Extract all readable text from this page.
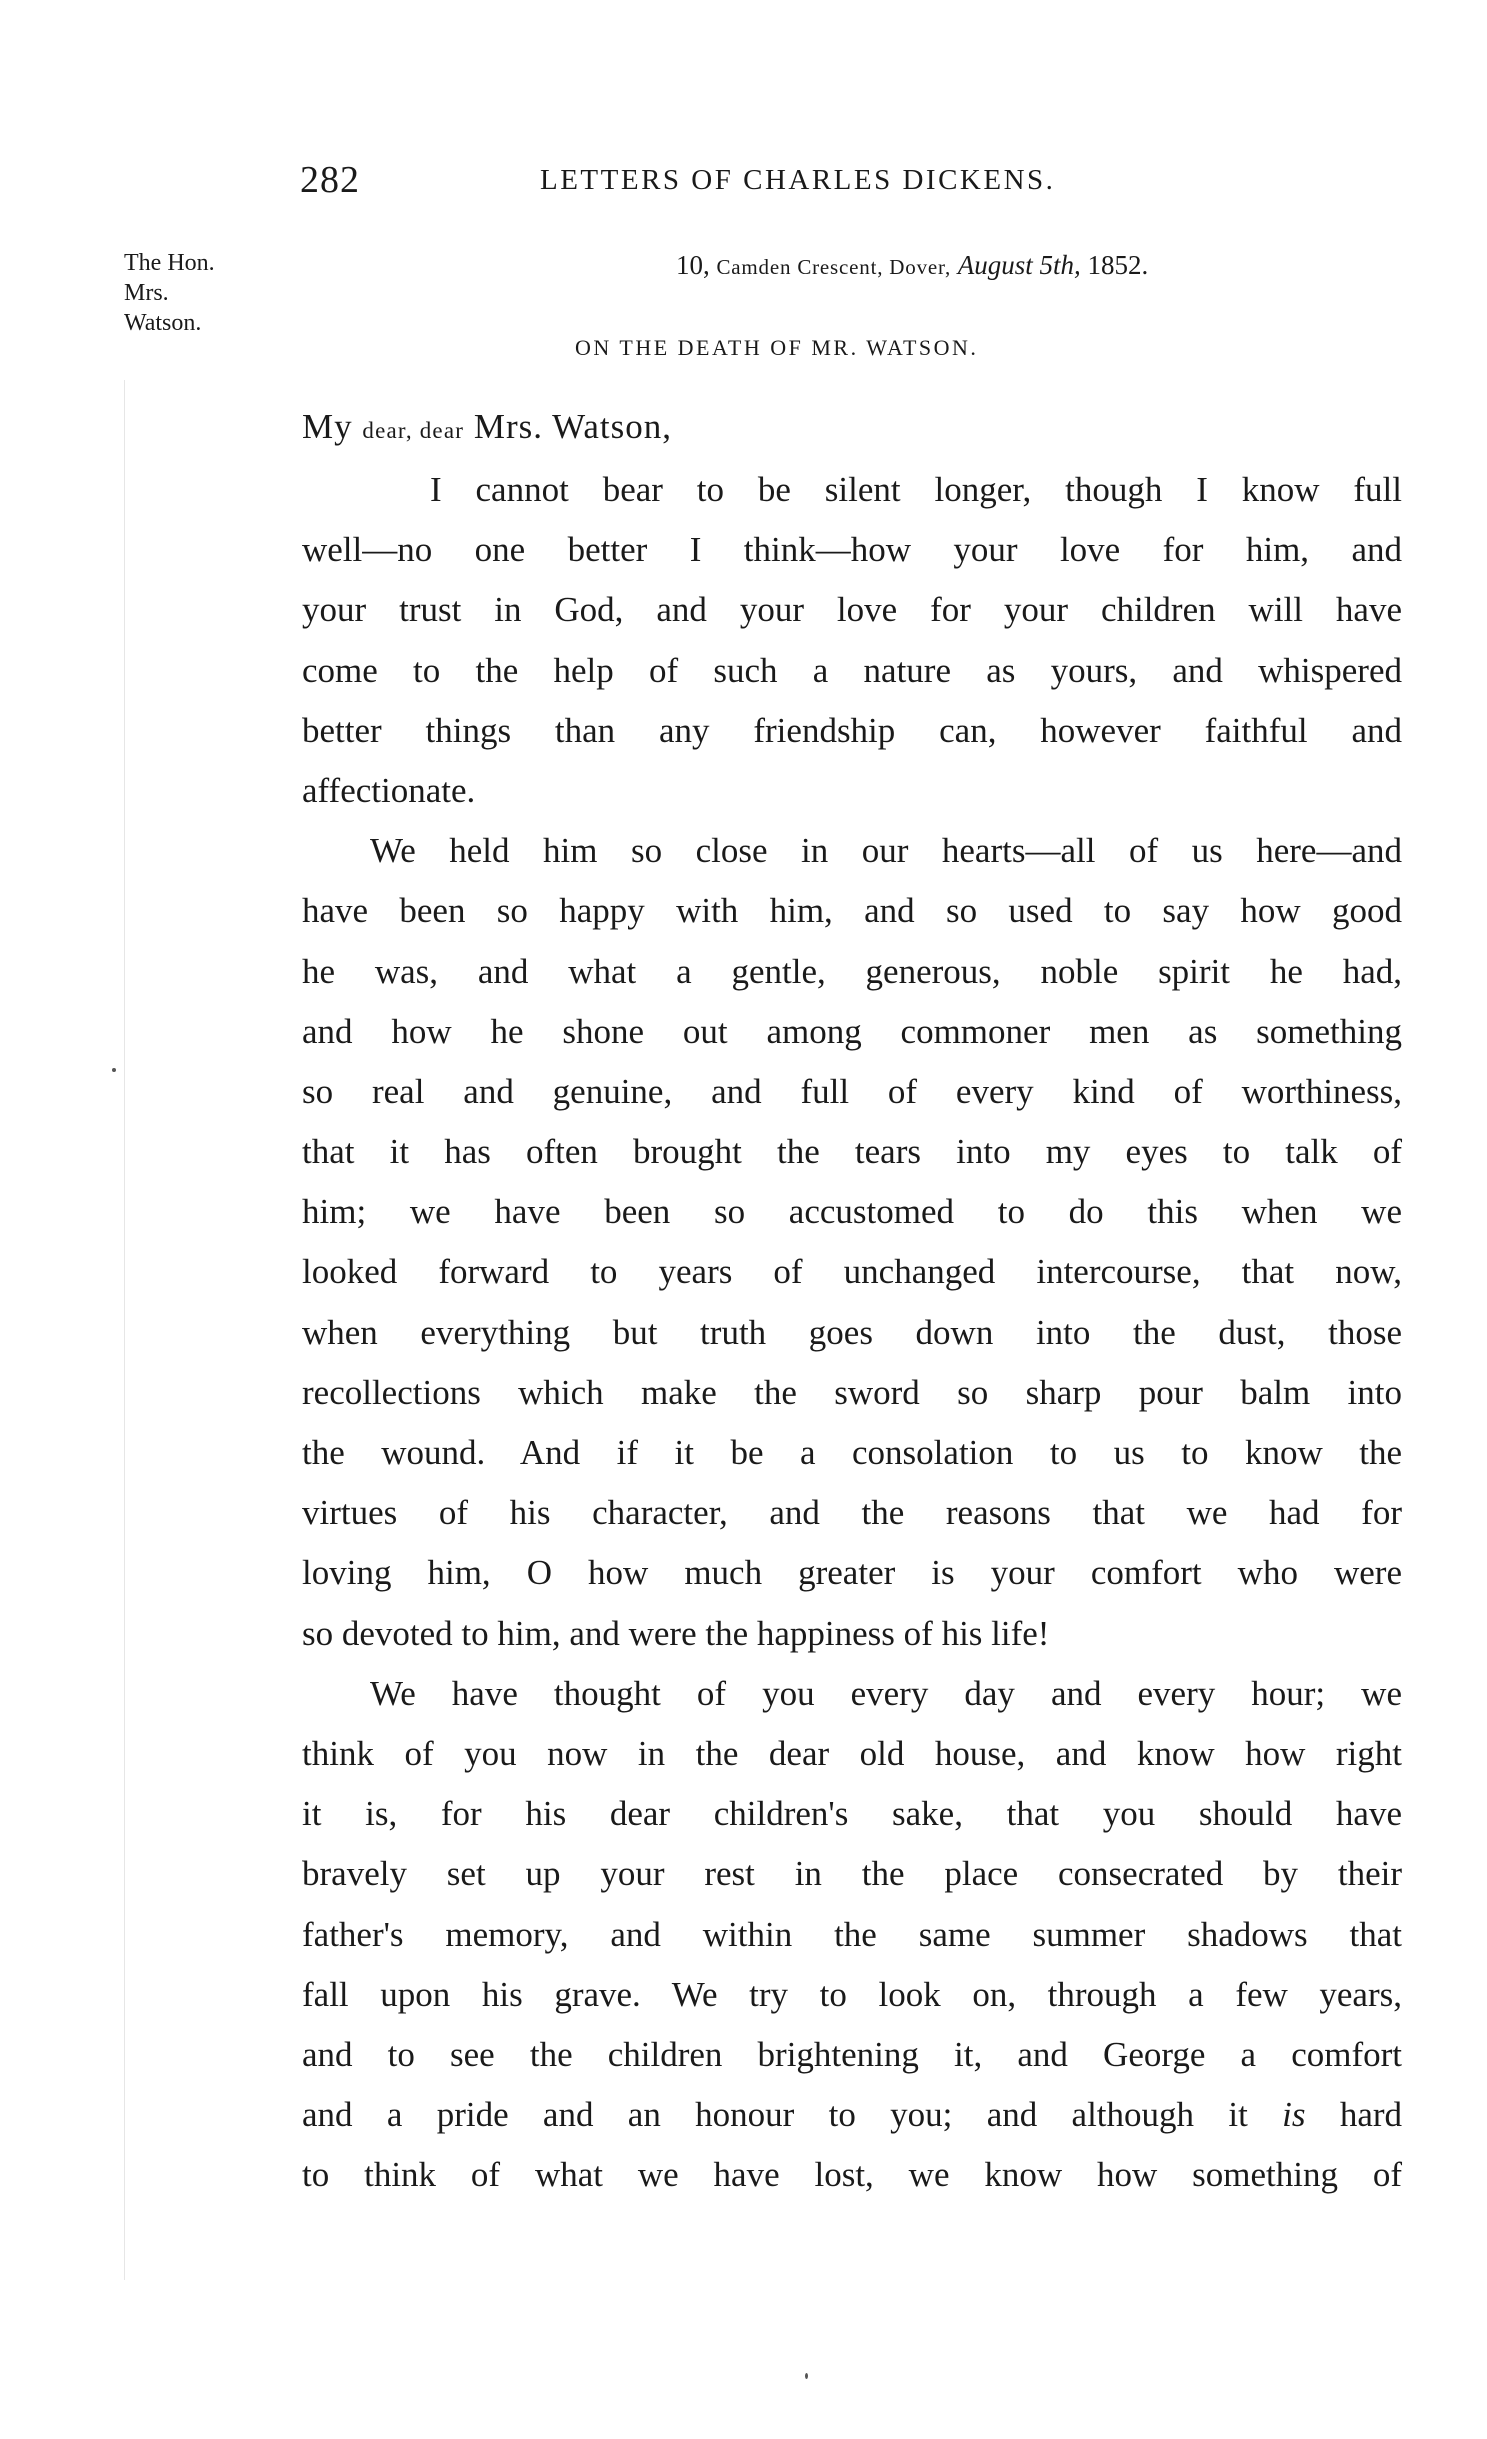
282	LETTERS OF CHARLES DICKENS.
The Hon.
Mrs.
Watson.
10, Camden Crescent, Dover, August 5th, 1852.
ON THE DEATH OF MR. WATSON.
My dear, dear Mrs. Watson,
I cannot bear to be silent longer, though I know full
well—no one better I think—how your love for him, and
your trust in God, and your love for your children will have
come to the help of such a nature as yours, and whispered
better things than any friendship can, however faithful and
affectionate.
We held him so close in our hearts—all of us here—and
have been so happy with him, and so used to say how good
he was, and what a gentle, generous, noble spirit he had,
and how he shone out among commoner men as something
so real and genuine, and full of every kind of worthiness,
that it has often brought the tears into my eyes to talk of
him; we have been so accustomed to do this when we
looked forward to years of unchanged intercourse, that now,
when everything but truth goes down into the dust, those
recollections which make the sword so sharp pour balm into
the wound. And if it be a consolation to us to know the
virtues of his character, and the reasons that we had for
loving him, O how much greater is your comfort who were
so devoted to him, and were the happiness of his life!
We have thought of you every day and every hour; we
think of you now in the dear old house, and know how right
it is, for his dear children's sake, that you should have
bravely set up your rest in the place consecrated by their
father's memory, and within the same summer shadows that
fall upon his grave. We try to look on, through a few years,
and to see the children brightening it, and George a comfort
and a pride and an honour to you; and although it is hard
to think of what we have lost, we know how something of
